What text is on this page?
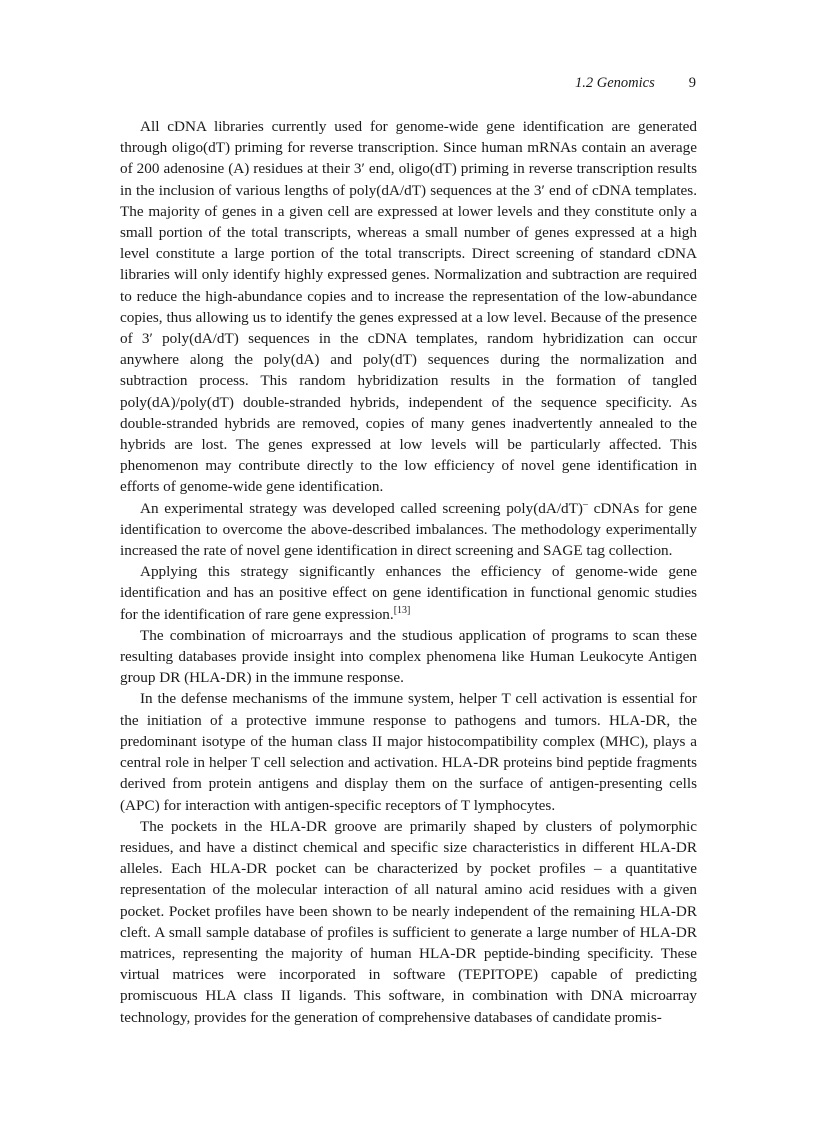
1.2 Genomics 9

All cDNA libraries currently used for genome-wide gene identification are generated through oligo(dT) priming for reverse transcription. Since human mRNAs contain an average of 200 adenosine (A) residues at their 3′ end, oligo(dT) priming in reverse transcription results in the inclusion of various lengths of poly(dA/dT) sequences at the 3′ end of cDNA templates. The majority of genes in a given cell are expressed at lower levels and they constitute only a small portion of the total transcripts, whereas a small number of genes expressed at a high level constitute a large portion of the total transcripts. Direct screening of standard cDNA libraries will only identify highly expressed genes. Normalization and subtraction are required to reduce the high-abundance copies and to increase the representation of the low-abundance copies, thus allowing us to identify the genes expressed at a low level. Because of the presence of 3′ poly(dA/dT) sequences in the cDNA templates, random hybridization can occur anywhere along the poly(dA) and poly(dT) sequences during the normalization and subtraction process. This random hybridization results in the formation of tangled poly(dA)/poly(dT) double-stranded hybrids, independent of the sequence specificity. As double-stranded hybrids are removed, copies of many genes inadvertently annealed to the hybrids are lost. The genes expressed at low levels will be particularly affected. This phenomenon may contribute directly to the low efficiency of novel gene identification in efforts of genome-wide gene identification.

An experimental strategy was developed called screening poly(dA/dT)– cDNAs for gene identification to overcome the above-described imbalances. The methodology experimentally increased the rate of novel gene identification in direct screening and SAGE tag collection.

Applying this strategy significantly enhances the efficiency of genome-wide gene identification and has an positive effect on gene identification in functional genomic studies for the identification of rare gene expression.[13]

The combination of microarrays and the studious application of programs to scan these resulting databases provide insight into complex phenomena like Human Leukocyte Antigen group DR (HLA-DR) in the immune response.

In the defense mechanisms of the immune system, helper T cell activation is essential for the initiation of a protective immune response to pathogens and tumors. HLA-DR, the predominant isotype of the human class II major histocompatibility complex (MHC), plays a central role in helper T cell selection and activation. HLA-DR proteins bind peptide fragments derived from protein antigens and display them on the surface of antigen-presenting cells (APC) for interaction with antigen-specific receptors of T lymphocytes.

The pockets in the HLA-DR groove are primarily shaped by clusters of polymorphic residues, and have a distinct chemical and specific size characteristics in different HLA-DR alleles. Each HLA-DR pocket can be characterized by pocket profiles – a quantitative representation of the molecular interaction of all natural amino acid residues with a given pocket. Pocket profiles have been shown to be nearly independent of the remaining HLA-DR cleft. A small sample database of profiles is sufficient to generate a large number of HLA-DR matrices, representing the majority of human HLA-DR peptide-binding specificity. These virtual matrices were incorporated in software (TEPITOPE) capable of predicting promiscuous HLA class II ligands. This software, in combination with DNA microarray technology, provides for the generation of comprehensive databases of candidate promis-
